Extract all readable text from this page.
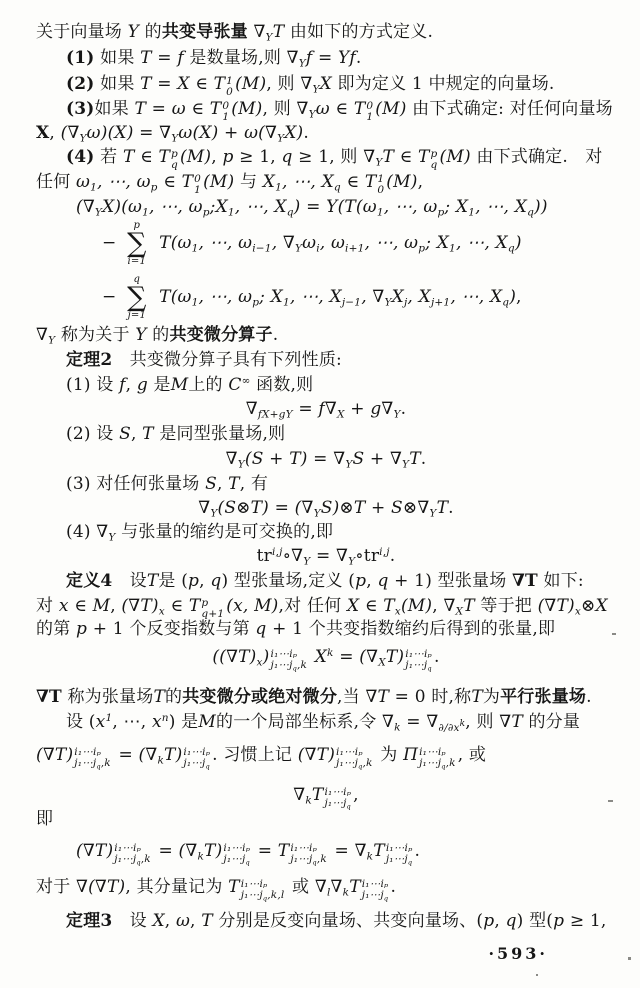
关于向量场 Y 的共变导张量 $\nabla_YT$ 由如下的方式定义.
(1) 如果 T = f 是数量场,则 $\nabla_Yf = Yf$.
(2) 如果 T = X ∈ T 1
0 (M), 则 $\nabla_YX$ 即为定义 1 中规定的向量场.
(3)如果 T = ω ∈ T 0
1 (M), 则 $\nabla_Y\omega$ ∈ T 0
1 (M) 由下式确定: 对任何向量场
X, $(\nabla_Y\omega)(X) = \nabla_Y\omega(X) + \omega(\nabla_YX)$.
(4) 若 T ∈ T p
q (M), p ≥ 1, q ≥ 1, 则 $\nabla_YT$ ∈ T p
q (M) 由下式确定.　对
任何 $\omega_1$, ⋯, $\omega_p$ ∈ T 0
1 (M) 与 $X_1$, ⋯, $X_q$ ∈ T 1
0 (M),
$(\nabla_YX)(\omega_1$, ⋯, $\omega_p;X_1$, ⋯, $X_q) = Y(T(\omega_1$, ⋯, $\omega_p$; $X_1$, ⋯, $X_q$))
−
p
∑
i=1
$T(\omega_1$, ⋯, $\omega_{i-1}$, $\nabla_Y\omega_i$, $\omega_{i+1}$, ⋯, $\omega_p$; $X_1$, ⋯, $X_q$)
−
q
∑
j=1
$T(\omega_1$, ⋯, $\omega_p$; $X_1$, ⋯, $X_{j-1}$, $\nabla_YX_j$, $X_{j+1}$, ⋯, $X_q$),
$\nabla_Y$ 称为关于 Y 的共变微分算子.
定理2　共变微分算子具有下列性质:
(1) 设 f, g 是M上的 C∞ 函数,则
$\nabla_{fX+gY} = f\nabla_X + g\nabla_Y$.
(2) 设 S, T 是同型张量场,则
$\nabla_Y(S + T) = \nabla_YS + \nabla_YT$.
(3) 对任何张量场 S, T, 有
$\nabla_Y(S\otimes T)$ = $(\nabla_YS)\otimes T$ + $S\otimes\nabla_YT$.
(4) $\nabla_Y$ 与张量的缩约是可交换的,即
$tr^{i,j}\circ\nabla_Y$ = $\nabla_Y\circ tr^{i,j}$.
定义4　设T是 (p, q) 型张量场,定义 (p, q + 1) 型张量场 ∇T 如下:
对 x ∈ M, $(\nabla T)_x$ ∈ T p
q+1 (x, M),对 任何 X ∈ $T_x(M)$, $\nabla_XT$ 等于把 $(\nabla T)_x\otimes X$
的第 p + 1 个反变指数与第 q + 1 个共变指数缩约后得到的张量,即
$((\nabla T)_x)$ i₁⋯iₚ
$j_1\cdots j_q,k$ $X^k = (\nabla_XT)$ i₁⋯iₚ
$j_1\cdots j_q$
.
∇T 称为张量场T的共变微分或绝对微分,当 ∇T = 0 时,称T为平行张量场.
设 ($x^1$, ⋯, $x^n$) 是M的一个局部坐标系,令 $\nabla_k = \nabla_{\partial/\partial x^k}$, 则 ∇T 的分量
(∇T) i₁⋯iₚ
$j_1\cdots j_q,k = (\nabla_kT)$ i₁⋯iₚ
$j_1\cdots j_q$
. 习惯上记 (∇T) i₁⋯iₚ
$j_1\cdots j_q,k$ 为 Π i₁⋯iₚ
$j_1\cdots j_q,k$ , 或
$\nabla_kT$ i₁⋯iₚ
$j_1\cdots j_q$
,
即
(∇T) i₁⋯iₚ
$j_1\cdots j_q,k = (\nabla_kT)$ i₁⋯iₚ
$j_1\cdots j_q$
= T i₁⋯iₚ
$j_1\cdots j_q,k = \nabla_kT$ i₁⋯iₚ
$j_1\cdots j_q$
.
对于 ∇(∇T), 其分量记为 T i₁⋯iₚ
$j_1\cdots j_q,k,l$ 或 $\nabla_l\nabla_kT$ i₁⋯iₚ
$j_1\cdots j_q$
.
定理3　设 X, ω, T 分别是反变向量场、共变向量场、(p, q) 型(p ≥ 1,
·593·
